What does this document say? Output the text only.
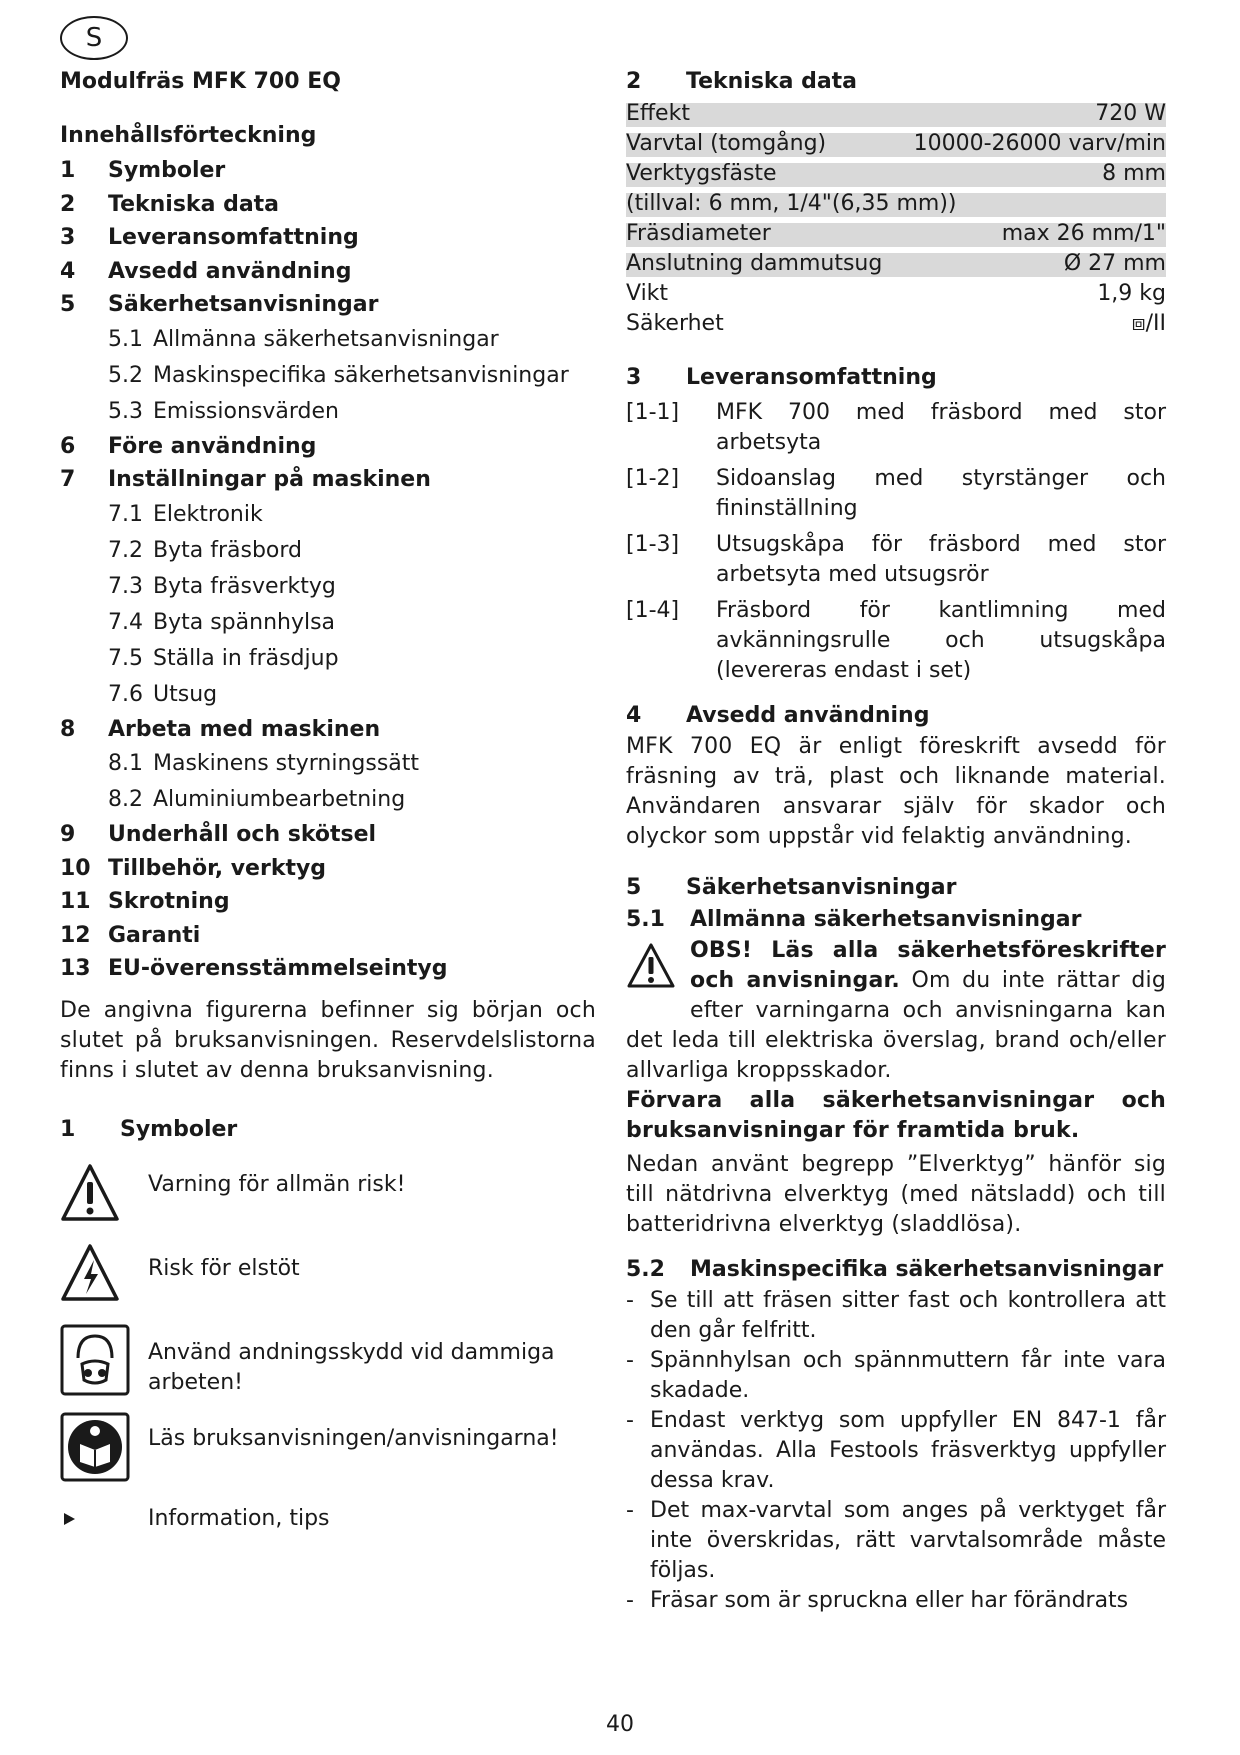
S
Modulfräs MFK 700 EQ
Innehållsförteckning
1	Symboler
2	Tekniska data
3	Leveransomfattning
4	Avsedd användning
5	Säkerhetsanvisningar
5.1 Allmänna säkerhetsanvisningar
5.2 Maskinspecifika säkerhetsanvisningar
5.3 Emissionsvärden
6	Före användning
7	Inställningar på maskinen
7.1 Elektronik
7.2 Byta fräsbord
7.3 Byta fräsverktyg
7.4 Byta spännhylsa
7.5 Ställa in fräsdjup
7.6 Utsug
8	Arbeta med maskinen
8.1 Maskinens styrningssätt
8.2 Aluminiumbearbetning
9	Underhåll och skötsel
10 Tillbehör, verktyg
11 Skrotning
12 Garanti
13 EU-överensstämmelseintyg

De angivna figurerna befinner sig början och slutet på bruksanvisningen. Reservdelslistorna finns i slutet av denna bruksanvisning.

1	Symboler
Varning för allmän risk!
Risk för elstöt
Använd andningsskydd vid dammiga arbeten!
Läs bruksanvisningen/anvisningarna!
Information, tips
2	Tekniska data
Effekt	720 W
Varvtal (tomgång)	10000-26000 varv/min
Verktygsfäste	8 mm
(tillval: 6 mm, 1/4"(6,35 mm))
Fräsdiameter	max 26 mm/1"
Anslutning dammutsug	Ø 27 mm
Vikt	1,9 kg
Säkerhet	⧈/II
3	Leveransomfattning
[1-1]	MFK 700 med fräsbord med stor arbetsyta
[1-2]	Sidoanslag med styrstänger och fininställning
[1-3]	Utsugskåpa för fräsbord med stor arbetsyta med utsugsrör
[1-4]	Fräsbord för kantlimning med avkänningsrulle och utsugskåpa (levereras endast i set)
4	Avsedd användning

MFK 700 EQ är enligt föreskrift avsedd för fräsning av trä, plast och liknande material. Användaren ansvarar själv för skador och olyckor som uppstår vid felaktig användning.

5	Säkerhetsanvisningar
5.1	Allmänna säkerhetsanvisningar

OBS! Läs alla säkerhetsföreskrifter och anvisningar. Om du inte rättar dig efter varningarna och anvisningarna kan det leda till elektriska överslag, brand och/eller allvarliga kroppsskador.

Förvara alla säkerhetsanvisningar och bruksanvisningar för framtida bruk.

Nedan använt begrepp ”Elverktyg” hänför sig till nätdrivna elverktyg (med nätsladd) och till batteridrivna elverktyg (sladdlösa).

5.2	Maskinspecifika säkerhetsanvisningar
- Se till att fräsen sitter fast och kontrollera att den går felfritt.
- Spännhylsan och spännmuttern får inte vara skadade.
- Endast verktyg som uppfyller EN 847-1 får användas. Alla Festools fräsverktyg uppfyller dessa krav.
- Det max-varvtal som anges på verktyget får inte överskridas, rätt varvtalsområde måste följas.
- Fräsar som är spruckna eller har förändrats
40
